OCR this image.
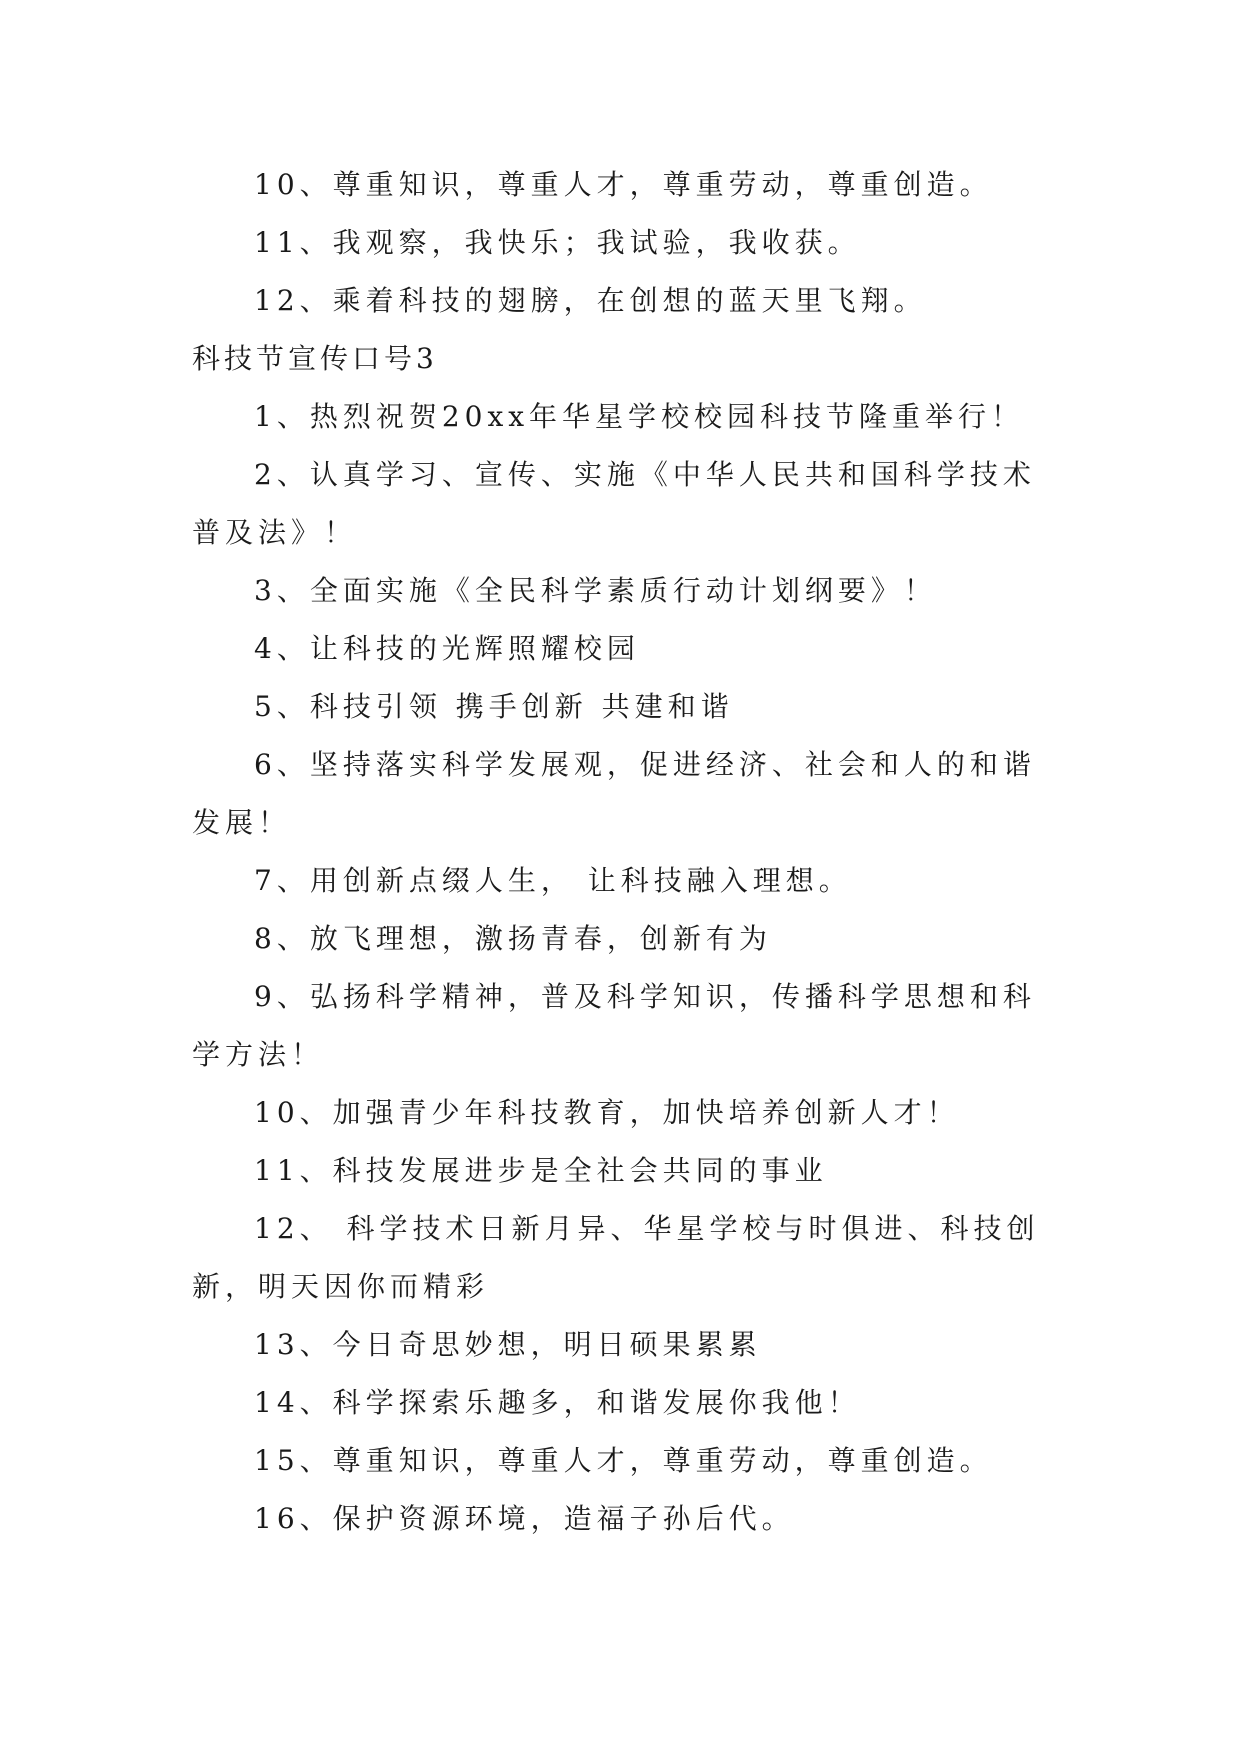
10、尊重知识，尊重人才，尊重劳动，尊重创造。
11、我观察，我快乐；我试验，我收获。
12、乘着科技的翅膀，在创想的蓝天里飞翔。
科技节宣传口号3
1、热烈祝贺20xx年华星学校校园科技节隆重举行！
2、认真学习、宣传、实施《中华人民共和国科学技术
普及法》！
3、全面实施《全民科学素质行动计划纲要》！
4、让科技的光辉照耀校园
5、科技引领 携手创新 共建和谐
6、坚持落实科学发展观，促进经济、社会和人的和谐
发展！
7、用创新点缀人生， 让科技融入理想。
8、放飞理想，激扬青春，创新有为
9、弘扬科学精神，普及科学知识，传播科学思想和科
学方法！
10、加强青少年科技教育，加快培养创新人才！
11、科技发展进步是全社会共同的事业
12、 科学技术日新月异、华星学校与时俱进、科技创
新，明天因你而精彩
13、今日奇思妙想，明日硕果累累
14、科学探索乐趣多，和谐发展你我他！
15、尊重知识，尊重人才，尊重劳动，尊重创造。
16、保护资源环境，造福子孙后代。
